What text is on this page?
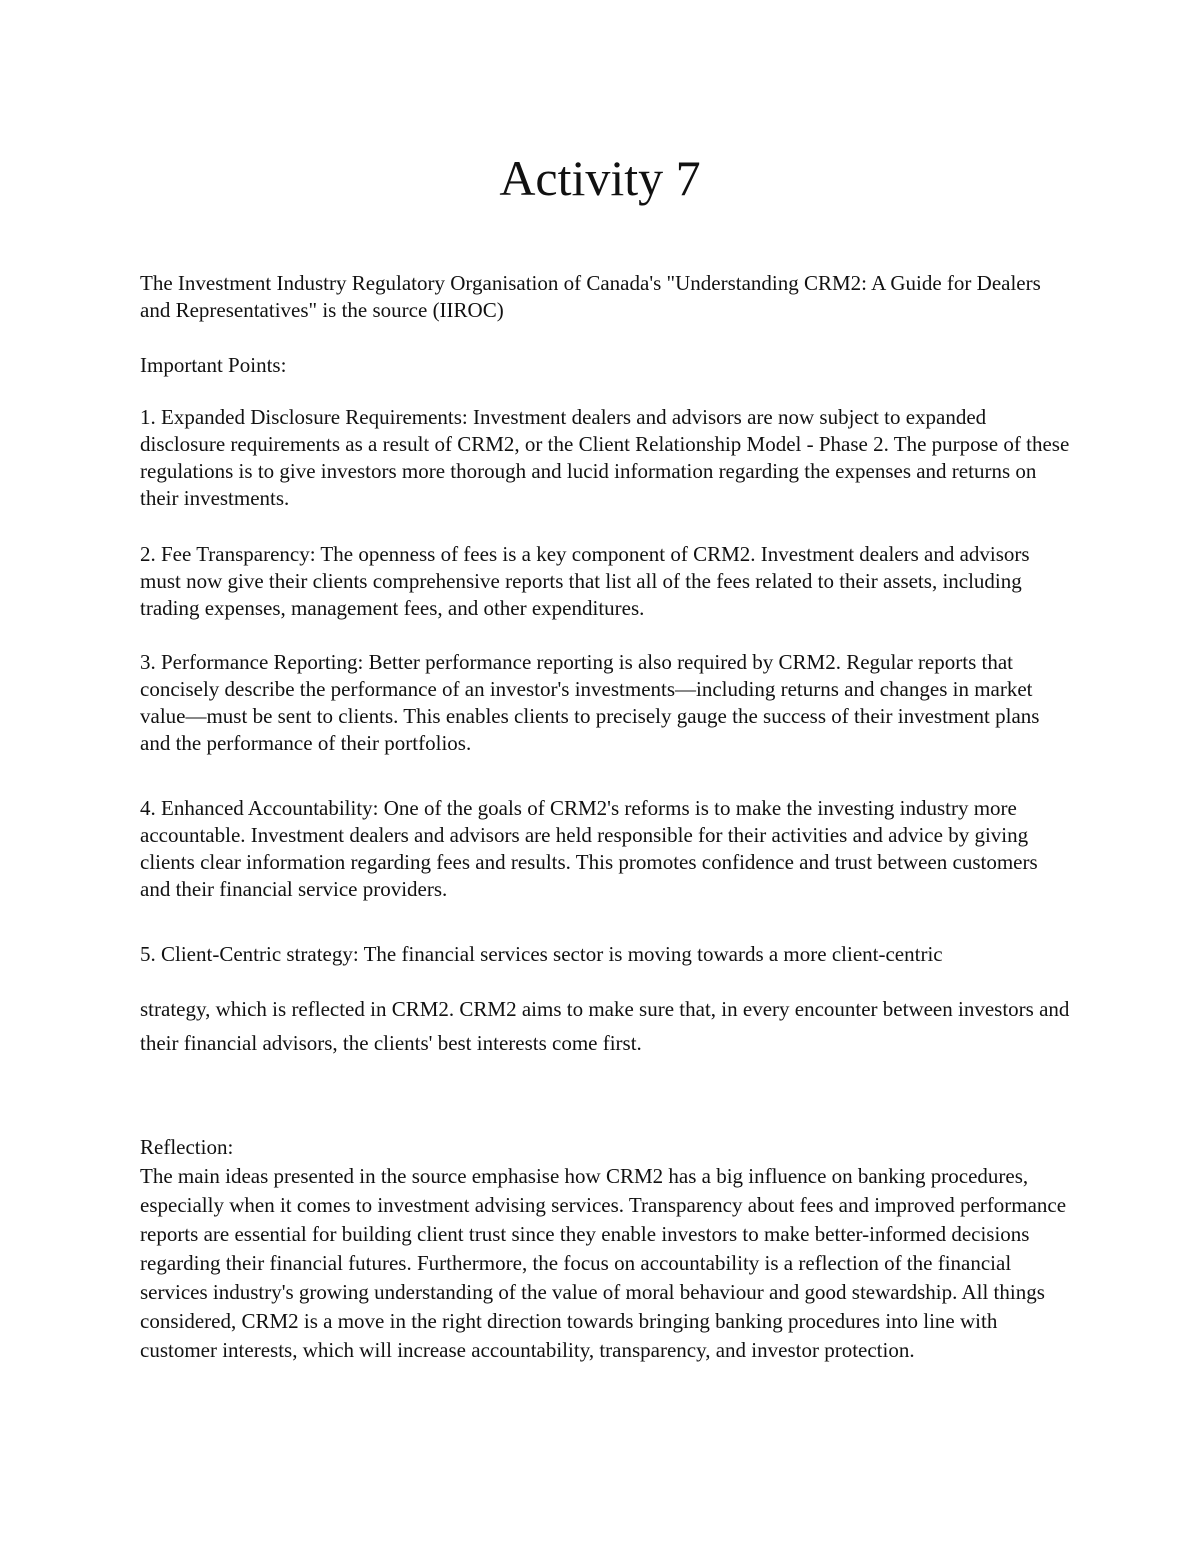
Activity 7

The Investment Industry Regulatory Organisation of Canada's "Understanding CRM2: A Guide for Dealers and Representatives" is the source (IIROC)

Important Points:

1. Expanded Disclosure Requirements: Investment dealers and advisors are now subject to expanded disclosure requirements as a result of CRM2, or the Client Relationship Model - Phase 2. The purpose of these regulations is to give investors more thorough and lucid information regarding the expenses and returns on their investments.

2. Fee Transparency: The openness of fees is a key component of CRM2. Investment dealers and advisors must now give their clients comprehensive reports that list all of the fees related to their assets, including trading expenses, management fees, and other expenditures.

3. Performance Reporting: Better performance reporting is also required by CRM2. Regular reports that concisely describe the performance of an investor's investments—including returns and changes in market value—must be sent to clients. This enables clients to precisely gauge the success of their investment plans and the performance of their portfolios.

4. Enhanced Accountability: One of the goals of CRM2's reforms is to make the investing industry more accountable. Investment dealers and advisors are held responsible for their activities and advice by giving clients clear information regarding fees and results. This promotes confidence and trust between customers and their financial service providers.

5. Client-Centric strategy: The financial services sector is moving towards a more client-centric

strategy, which is reflected in CRM2. CRM2 aims to make sure that, in every encounter between investors and their financial advisors, the clients' best interests come first.

Reflection:
The main ideas presented in the source emphasise how CRM2 has a big influence on banking procedures, especially when it comes to investment advising services. Transparency about fees and improved performance reports are essential for building client trust since they enable investors to make better-informed decisions regarding their financial futures. Furthermore, the focus on accountability is a reflection of the financial services industry's growing understanding of the value of moral behaviour and good stewardship. All things considered, CRM2 is a move in the right direction towards bringing banking procedures into line with customer interests, which will increase accountability, transparency, and investor protection.
